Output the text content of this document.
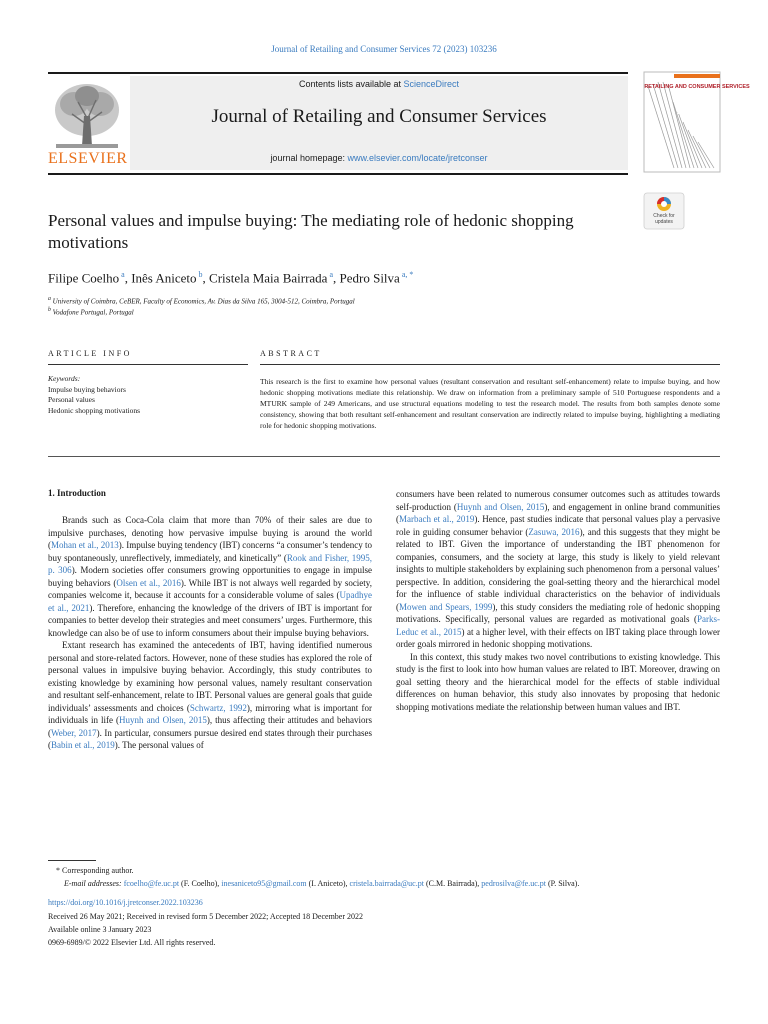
Journal of Retailing and Consumer Services 72 (2023) 103236
ELSEVIER
Contents lists available at ScienceDirect
Journal of Retailing and Consumer Services
journal homepage: www.elsevier.com/locate/jretconser
RETAILING AND CONSUMER SERVICES
Personal values and impulse buying: The mediating role of hedonic shopping motivations
Check for updates
Filipe Coelho $^a$, Inês Aniceto $^b$, Cristela Maia Bairrada $^a$, Pedro Silva $^{a, *}$
$^a$ University of Coimbra, CeBER, Faculty of Economics, Av. Dias da Silva 165, 3004-512, Coimbra, Portugal
$^b$ Vodafone Portugal, Portugal
ARTICLE INFO	ABSTRACT
Keywords:
Impulse buying behaviors
Personal values
Hedonic shopping motivations
This research is the first to examine how personal values (resultant conservation and resultant self-enhancement) relate to impulse buying, and how hedonic shopping motivations mediate this relationship. We draw on information from a preliminary sample of 510 Portuguese respondents and a MTURK sample of 249 Americans, and use structural equations modeling to test the research model. The results from both samples denote some consistency, showing that both resultant self-enhancement and resultant conservation are indirectly related to impulse buying, highlighting a mediating role for hedonic shopping motivations.
1. Introduction

Brands such as Coca-Cola claim that more than 70% of their sales are due to impulsive purchases, denoting how pervasive impulse buying is around the world (Mohan et al., 2013). Impulse buying tendency (IBT) concerns “a consumer’s tendency to buy spontaneously, unreflectively, immediately, and kinetically” (Rook and Fisher, 1995, p. 306). Modern societies offer consumers growing opportunities to engage in impulse buying behaviors (Olsen et al., 2016). While IBT is not always well regarded by society, companies welcome it, because it accounts for a considerable volume of sales (Upadhye et al., 2021). Therefore, enhancing the knowledge of the drivers of IBT is important for companies to better develop their strategies and meet consumers’ urges. Furthermore, this knowledge can also be of use to inform consumers about their impulse buying behaviors.

Extant research has examined the antecedents of IBT, having identified numerous personal and store-related factors. However, none of these studies has explored the role of personal values in impulsive buying behavior. Accordingly, this study contributes to existing knowledge by examining how personal values, namely resultant conservation and resultant self-enhancement, relate to IBT. Personal values are general goals that guide individuals’ assessments and choices (Schwartz, 1992), mirroring what is important for individuals in life (Huynh and Olsen, 2015), thus affecting their attitudes and behaviors (Weber, 2017). In particular, consumers pursue desired end states through their purchases (Babin et al., 2019). The personal values of

consumers have been related to numerous consumer outcomes such as attitudes towards self-production (Huynh and Olsen, 2015), and engagement in online brand communities (Marbach et al., 2019). Hence, past studies indicate that personal values play a pervasive role in guiding consumer behavior (Zasuwa, 2016), and this suggests that they might be related to IBT. Given the importance of understanding the IBT phenomenon for companies, consumers, and the society at large, this study is likely to yield relevant insights to multiple stakeholders by explaining such phenomenon from a personal values’ perspective. In addition, considering the goal-setting theory and the hierarchical model for the influence of stable individual characteristics on the behavior of individuals (Mowen and Spears, 1999), this study considers the mediating role of hedonic shopping motivations. Specifically, personal values are regarded as motivational goals (Parks-Leduc et al., 2015) at a higher level, with their effects on IBT taking place through lower order goals mirrored in hedonic shopping motivations.

In this context, this study makes two novel contributions to existing knowledge. This study is the first to look into how human values are related to IBT. Moreover, drawing on goal setting theory and the hierarchical model for the effects of stable individual differences on human behavior, this study also innovates by proposing that hedonic shopping motivations mediate the relationship between human values and IBT.

* Corresponding author.
E-mail addresses: fcoelho@fe.uc.pt (F. Coelho), inesaniceto95@gmail.com (I. Aniceto), cristela.bairrada@uc.pt (C.M. Bairrada), pedrosilva@fe.uc.pt (P. Silva).
https://doi.org/10.1016/j.jretconser.2022.103236
Received 26 May 2021; Received in revised form 5 December 2022; Accepted 18 December 2022
Available online 3 January 2023
0969-6989/© 2022 Elsevier Ltd. All rights reserved.
